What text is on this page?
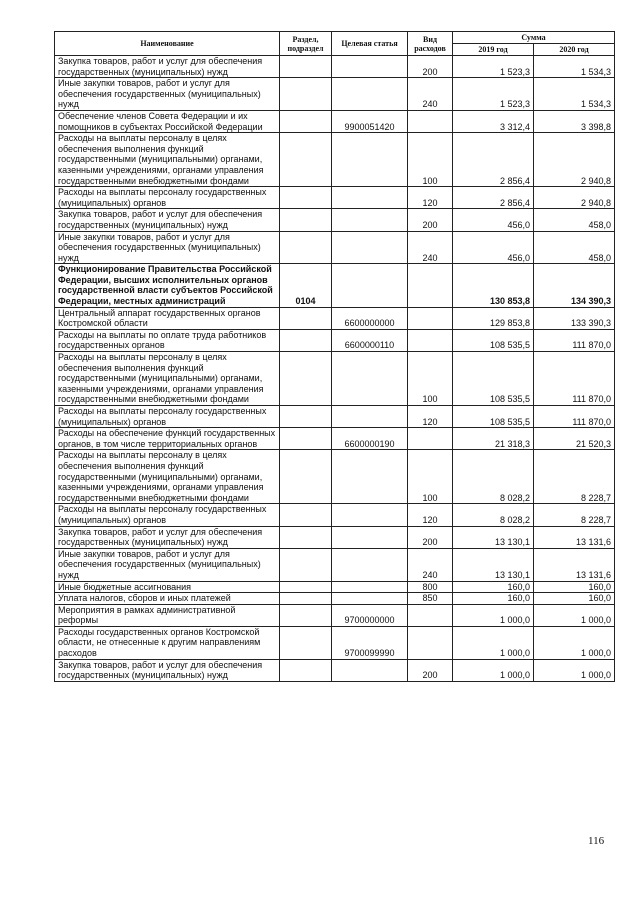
Наименование	Раздел, подраздел	Целевая статья	Вид расходов	Сумма	
				2019 год	2020 год
Закупка товаров, работ и услуг для обеспечения государственных (муниципальных) нужд			200	1 523,3	1 534,3
Иные закупки товаров, работ и услуг для обеспечения государственных (муниципальных) нужд			240	1 523,3	1 534,3
Обеспечение членов Совета Федерации и их помощников в субъектах Российской Федерации		9900051420		3 312,4	3 398,8
Расходы на выплаты персоналу в целях обеспечения выполнения функций государственными (муниципальными) органами, казенными учреждениями, органами управления государственными внебюджетными фондами			100	2 856,4	2 940,8
Расходы на выплаты персоналу государственных (муниципальных) органов			120	2 856,4	2 940,8
Закупка товаров, работ и услуг для обеспечения государственных (муниципальных) нужд			200	456,0	458,0
Иные закупки товаров, работ и услуг для обеспечения государственных (муниципальных) нужд			240	456,0	458,0
Функционирование Правительства Российской Федерации, высших исполнительных органов государственной власти субъектов Российской Федерации, местных администраций	0104			130 853,8	134 390,3
Центральный аппарат государственных органов Костромской области		6600000000		129 853,8	133 390,3
Расходы на выплаты по оплате труда работников государственных органов		6600000110		108 535,5	111 870,0
Расходы на выплаты персоналу в целях обеспечения выполнения функций государственными (муниципальными) органами, казенными учреждениями, органами управления государственными внебюджетными фондами			100	108 535,5	111 870,0
Расходы на выплаты персоналу государственных (муниципальных) органов			120	108 535,5	111 870,0
Расходы на обеспечение функций государственных органов, в том числе территориальных органов		6600000190		21 318,3	21 520,3
Расходы на выплаты персоналу в целях обеспечения выполнения функций государственными (муниципальными) органами, казенными учреждениями, органами управления государственными внебюджетными фондами			100	8 028,2	8 228,7
Расходы на выплаты персоналу государственных (муниципальных) органов			120	8 028,2	8 228,7
Закупка товаров, работ и услуг для обеспечения государственных (муниципальных) нужд			200	13 130,1	13 131,6
Иные закупки товаров, работ и услуг для обеспечения государственных (муниципальных) нужд			240	13 130,1	13 131,6
Иные бюджетные ассигнования			800	160,0	160,0
Уплата налогов, сборов и иных платежей			850	160,0	160,0
Мероприятия в рамках административной реформы		9700000000		1 000,0	1 000,0
Расходы государственных органов Костромской области, не отнесенные к другим направлениям расходов		9700099990		1 000,0	1 000,0
Закупка товаров, работ и услуг для обеспечения государственных (муниципальных) нужд			200	1 000,0	1 000,0
116
